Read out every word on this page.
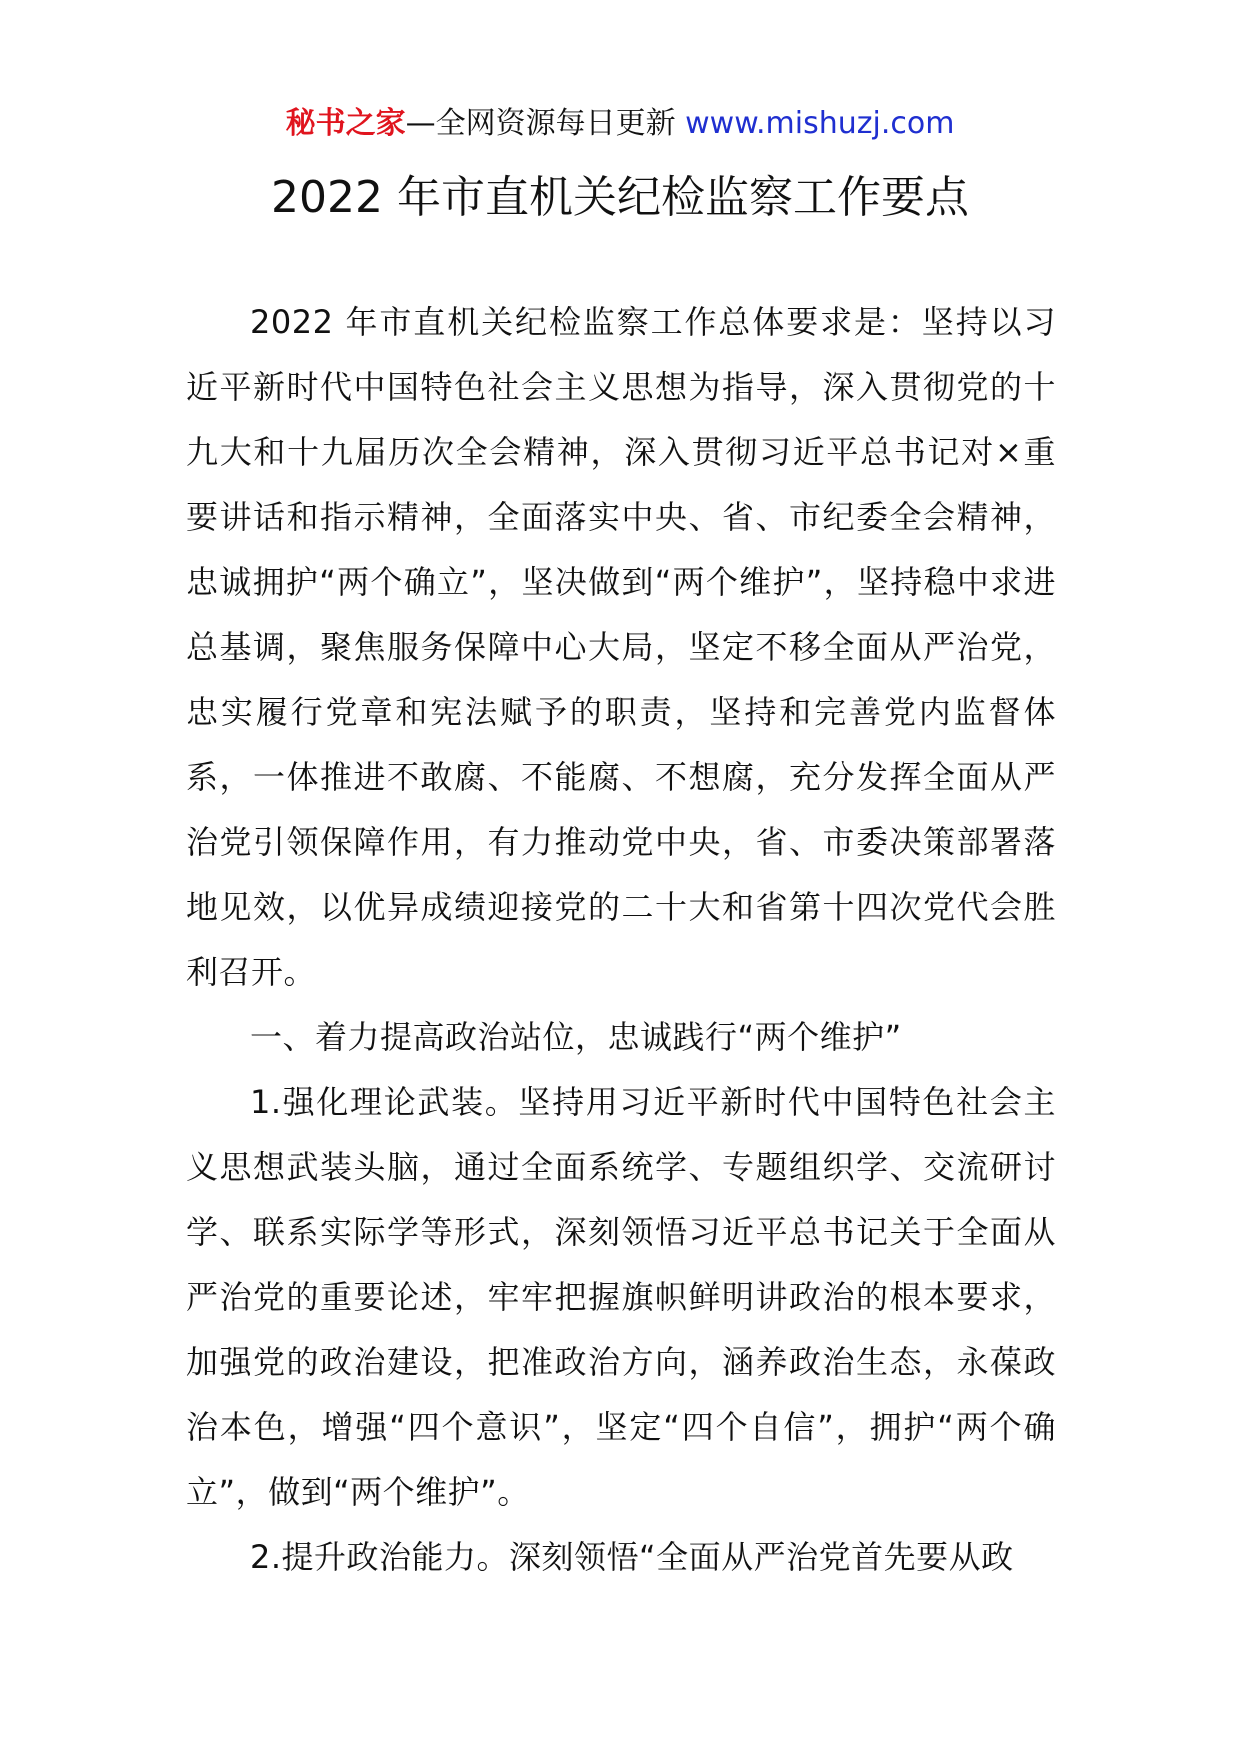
秘书之家—全网资源每日更新 www.mishuzj.com
2022 年市直机关纪检监察工作要点

2022 年市直机关纪检监察工作总体要求是：坚持以习近平新时代中国特色社会主义思想为指导，深入贯彻党的十九大和十九届历次全会精神，深入贯彻习近平总书记对×重要讲话和指示精神，全面落实中央、省、市纪委全会精神，忠诚拥护“两个确立”，坚决做到“两个维护”，坚持稳中求进总基调，聚焦服务保障中心大局，坚定不移全面从严治党，忠实履行党章和宪法赋予的职责，坚持和完善党内监督体系，一体推进不敢腐、不能腐、不想腐，充分发挥全面从严治党引领保障作用，有力推动党中央，省、市委决策部署落地见效，以优异成绩迎接党的二十大和省第十四次党代会胜利召开。

一、着力提高政治站位，忠诚践行“两个维护”

1.强化理论武装。坚持用习近平新时代中国特色社会主义思想武装头脑，通过全面系统学、专题组织学、交流研讨学、联系实际学等形式，深刻领悟习近平总书记关于全面从严治党的重要论述，牢牢把握旗帜鲜明讲政治的根本要求，加强党的政治建设，把准政治方向，涵养政治生态，永葆政治本色，增强“四个意识”，坚定“四个自信”，拥护“两个确立”，做到“两个维护”。

2.提升政治能力。深刻领悟“全面从严治党首先要从政
